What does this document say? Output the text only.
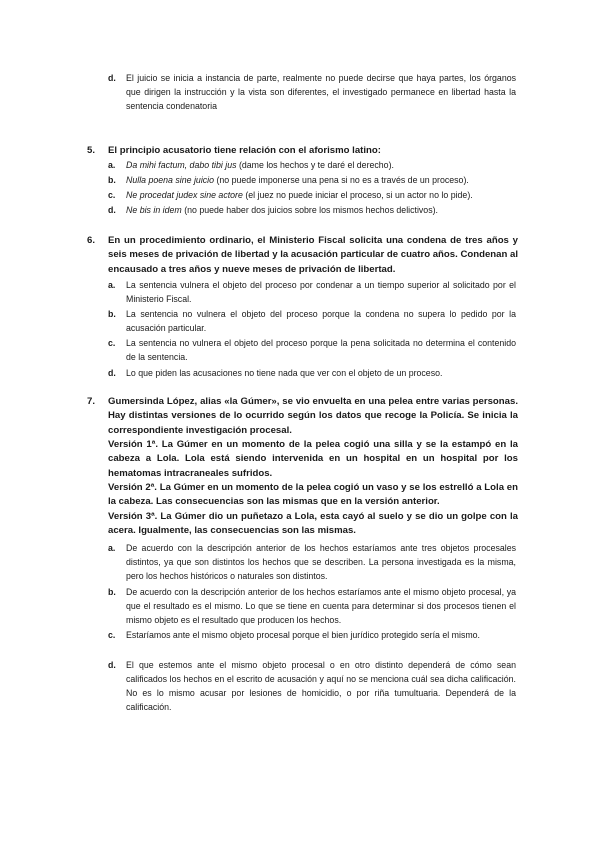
d. El juicio se inicia a instancia de parte, realmente no puede decirse que haya partes, los órganos que dirigen la instrucción y la vista son diferentes, el investigado permanece en libertad hasta la sentencia condenatoria
5. El principio acusatorio tiene relación con el aforismo latino:
a. Da mihi factum, dabo tibi jus (dame los hechos y te daré el derecho).
b. Nulla poena sine juicio (no puede imponerse una pena si no es a través de un proceso).
c. Ne procedat judex sine actore (el juez no puede iniciar el proceso, si un actor no lo pide).
d. Ne bis in idem (no puede haber dos juicios sobre los mismos hechos delictivos).
6. En un procedimiento ordinario, el Ministerio Fiscal solicita una condena de tres años y seis meses de privación de libertad y la acusación particular de cuatro años. Condenan al encausado a tres años y nueve meses de privación de libertad.
a. La sentencia vulnera el objeto del proceso por condenar a un tiempo superior al solicitado por el Ministerio Fiscal.
b. La sentencia no vulnera el objeto del proceso porque la condena no supera lo pedido por la acusación particular.
c. La sentencia no vulnera el objeto del proceso porque la pena solicitada no determina el contenido de la sentencia.
d. Lo que piden las acusaciones no tiene nada que ver con el objeto de un proceso.
7. Gumersinda López, alias «la Gúmer», se vio envuelta en una pelea entre varias personas. Hay distintas versiones de lo ocurrido según los datos que recoge la Policía. Se inicia la correspondiente investigación procesal.
Versión 1ª. La Gúmer en un momento de la pelea cogió una silla y se la estampó en la cabeza a Lola. Lola está siendo intervenida en un hospital en un hospital por los hematomas intracraneales sufridos.
Versión 2ª. La Gúmer en un momento de la pelea cogió un vaso y se los estrelló a Lola en la cabeza. Las consecuencias son las mismas que en la versión anterior.
Versión 3ª. La Gúmer dio un puñetazo a Lola, esta cayó al suelo y se dio un golpe con la acera. Igualmente, las consecuencias son las mismas.
a. De acuerdo con la descripción anterior de los hechos estaríamos ante tres objetos procesales distintos, ya que son distintos los hechos que se describen. La persona investigada es la misma, pero los hechos históricos o naturales son distintos.
b. De acuerdo con la descripción anterior de los hechos estaríamos ante el mismo objeto procesal, ya que el resultado es el mismo. Lo que se tiene en cuenta para determinar si dos procesos tienen el mismo objeto es el resultado que producen los hechos.
c. Estaríamos ante el mismo objeto procesal porque el bien jurídico protegido sería el mismo.
d. El que estemos ante el mismo objeto procesal o en otro distinto dependerá de cómo sean calificados los hechos en el escrito de acusación y aquí no se menciona cuál sea dicha calificación. No es lo mismo acusar por lesiones de homicidio, o por riña tumultuaria. Dependerá de la calificación.
